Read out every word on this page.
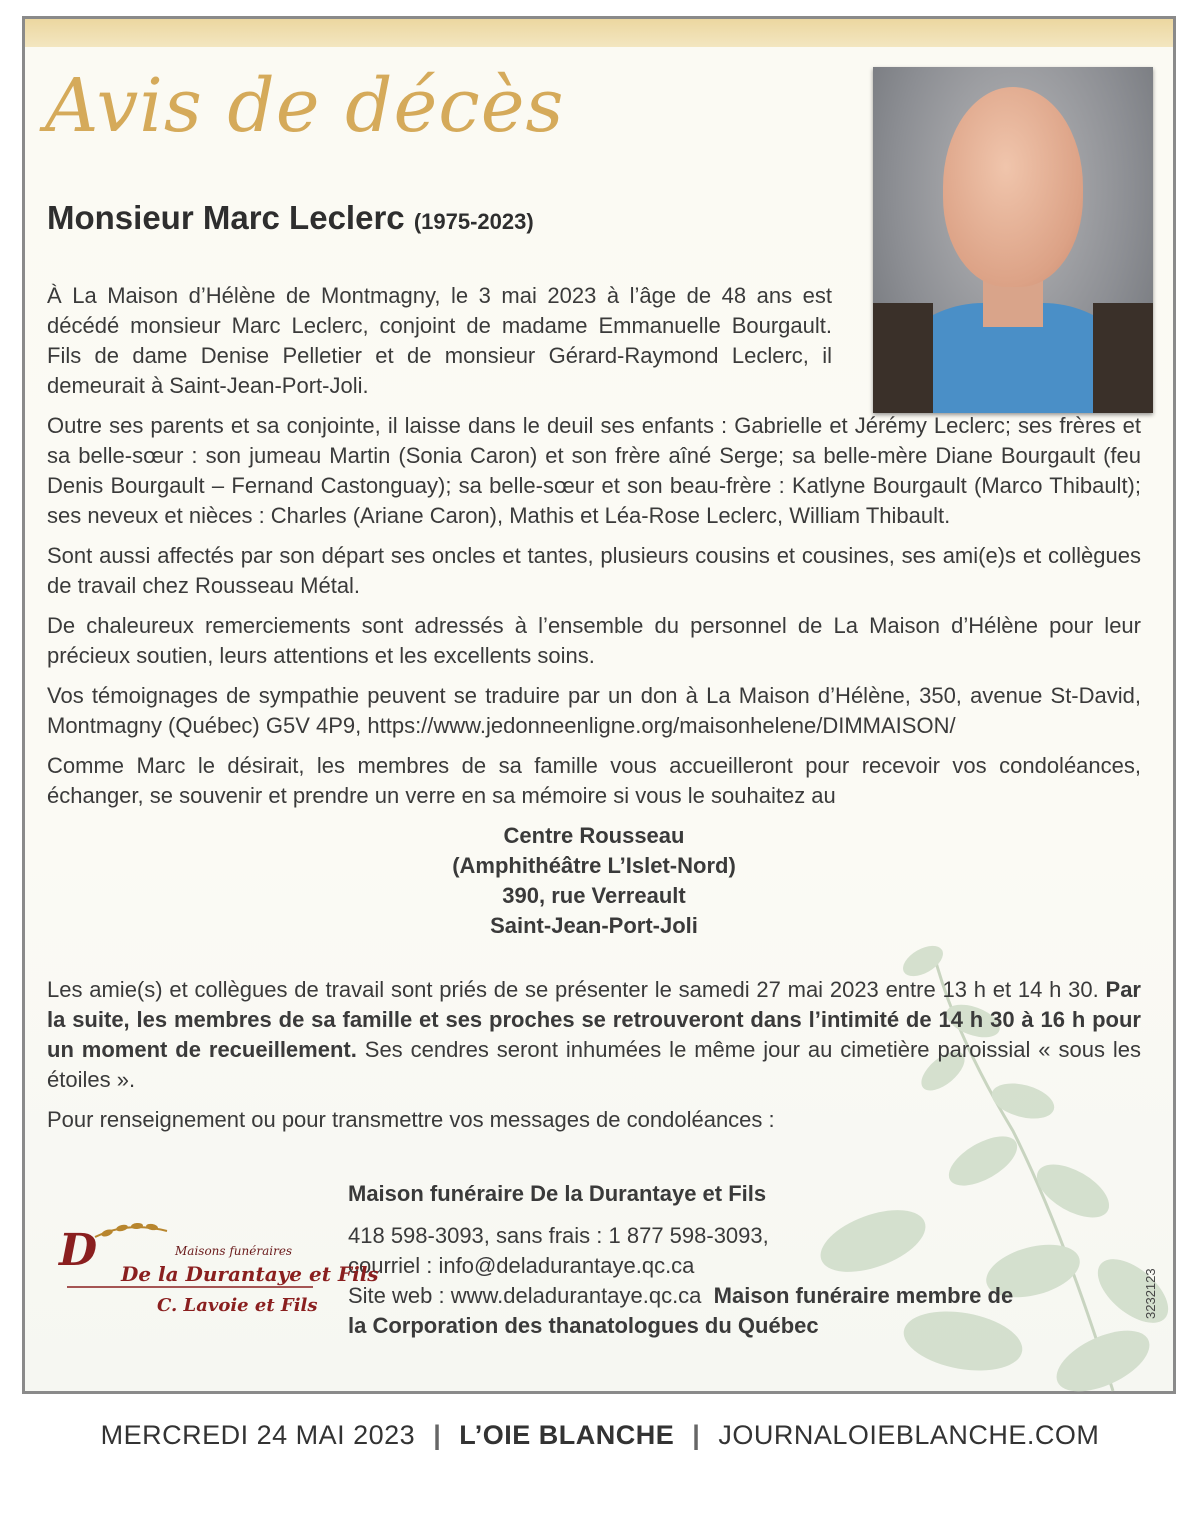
Avis de décès
Monsieur Marc Leclerc (1975-2023)

À La Maison d’Hélène de Montmagny, le 3 mai 2023 à l’âge de 48 ans est décédé monsieur Marc Leclerc, conjoint de madame Emmanuelle Bourgault. Fils de dame Denise Pelletier et de monsieur Gérard-Raymond Leclerc, il demeurait à Saint-Jean-Port-Joli.

Outre ses parents et sa conjointe, il laisse dans le deuil ses enfants : Gabrielle et Jérémy Leclerc; ses frères et sa belle-sœur : son jumeau Martin (Sonia Caron) et son frère aîné Serge; sa belle-mère Diane Bourgault (feu Denis Bourgault – Fernand Castonguay); sa belle-sœur et son beau-frère : Katlyne Bourgault (Marco Thibault); ses neveux et nièces : Charles (Ariane Caron), Mathis et Léa-Rose Leclerc, William Thibault.

Sont aussi affectés par son départ ses oncles et tantes, plusieurs cousins et cousines, ses ami(e)s et collègues de travail chez Rousseau Métal.

De chaleureux remerciements sont adressés à l’ensemble du personnel de La Maison d’Hélène pour leur précieux soutien, leurs attentions et les excellents soins.

Vos témoignages de sympathie peuvent se traduire par un don à La Maison d’Hélène, 350, avenue St-David, Montmagny (Québec) G5V 4P9, https://www.jedonneenligne.org/maisonhelene/DIMMAISON/

Comme Marc le désirait, les membres de sa famille vous accueilleront pour recevoir vos condoléances, échanger, se souvenir et prendre un verre en sa mémoire si vous le souhaitez au

Centre Rousseau
(Amphithéâtre L’Islet-Nord)
390, rue Verreault
Saint-Jean-Port-Joli

Les amie(s) et collègues de travail sont priés de se présenter le samedi 27 mai 2023 entre 13 h et 14 h 30. Par la suite, les membres de sa famille et ses proches se retrouveront dans l’intimité de 14 h 30 à 16 h pour un moment de recueillement. Ses cendres seront inhumées le même jour au cimetière paroissial « sous les étoiles ».

Pour renseignement ou pour transmettre vos messages de condoléances :

Maison funéraire De la Durantaye et Fils
418 598-3093, sans frais : 1 877 598-3093,
courriel : info@deladurantaye.qc.ca
Site web : www.deladurantaye.qc.ca Maison funéraire membre de
la Corporation des thanatologues du Québec
D	Maisons funéraires
De la Durantaye et Fils
C. Lavoie et Fils	3232123
MERCREDI 24 MAI 2023 | L’OIE BLANCHE | JOURNALOIEBLANCHE.COM
